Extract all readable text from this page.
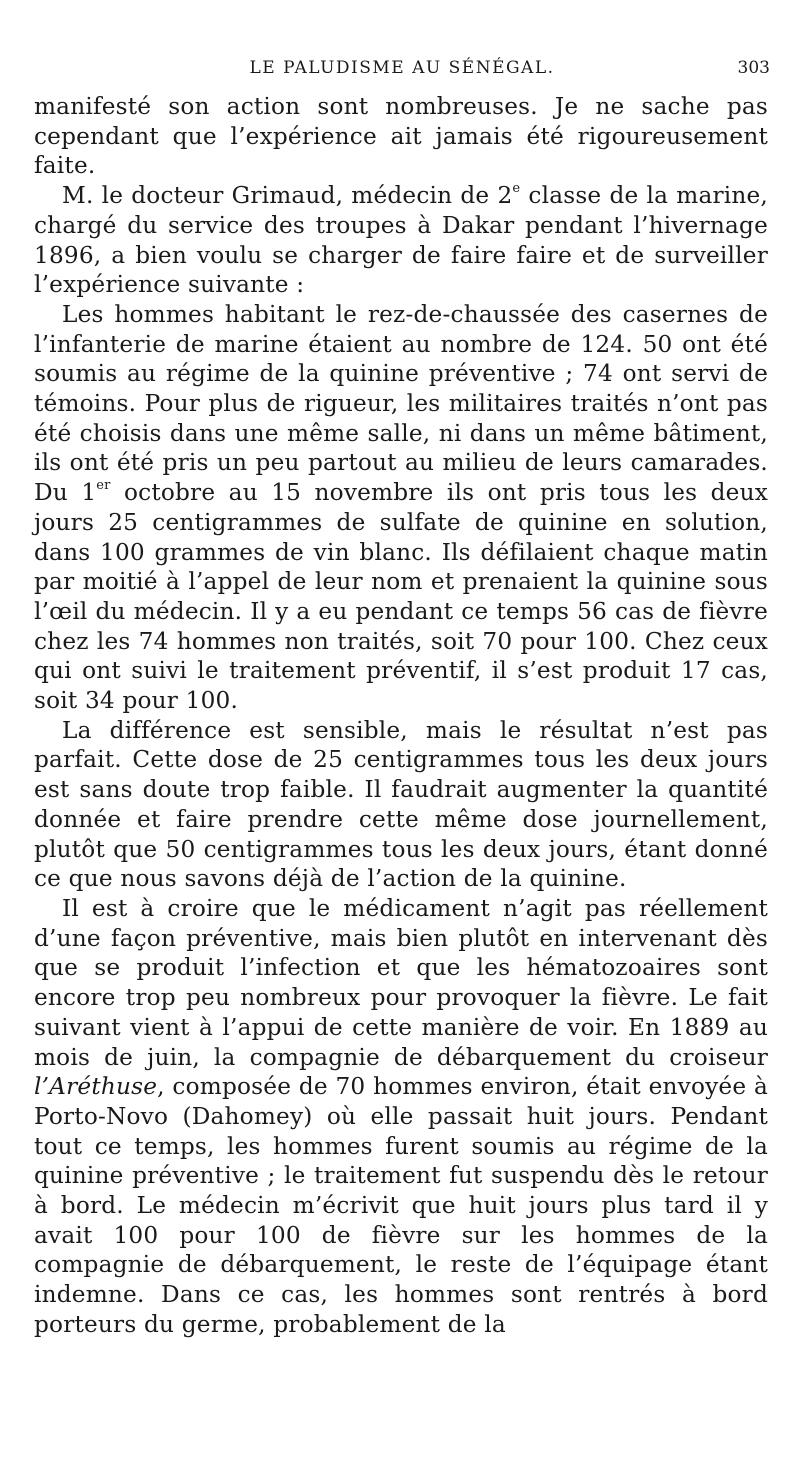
LE PALUDISME AU SÉNÉGAL.	303

manifesté son action sont nombreuses. Je ne sache pas cependant que l’expérience ait jamais été rigoureusement faite.

M. le docteur Grimaud, médecin de 2e classe de la marine, chargé du service des troupes à Dakar pendant l’hivernage 1896, a bien voulu se charger de faire faire et de surveiller l’expérience suivante :

Les hommes habitant le rez-de-chaussée des casernes de l’infanterie de marine étaient au nombre de 124. 50 ont été soumis au régime de la quinine préventive ; 74 ont servi de témoins. Pour plus de rigueur, les militaires traités n’ont pas été choisis dans une même salle, ni dans un même bâtiment, ils ont été pris un peu partout au milieu de leurs camarades. Du 1er octobre au 15 novembre ils ont pris tous les deux jours 25 centigrammes de sulfate de quinine en solution, dans 100 grammes de vin blanc. Ils défilaient chaque matin par moitié à l’appel de leur nom et prenaient la quinine sous l’œil du médecin. Il y a eu pendant ce temps 56 cas de fièvre chez les 74 hommes non traités, soit 70 pour 100. Chez ceux qui ont suivi le traitement préventif, il s’est produit 17 cas, soit 34 pour 100.

La différence est sensible, mais le résultat n’est pas parfait. Cette dose de 25 centigrammes tous les deux jours est sans doute trop faible. Il faudrait augmenter la quantité donnée et faire prendre cette même dose journellement, plutôt que 50 centigrammes tous les deux jours, étant donné ce que nous savons déjà de l’action de la quinine.

Il est à croire que le médicament n’agit pas réellement d’une façon préventive, mais bien plutôt en intervenant dès que se produit l’infection et que les hématozoaires sont encore trop peu nombreux pour provoquer la fièvre. Le fait suivant vient à l’appui de cette manière de voir. En 1889 au mois de juin, la compagnie de débarquement du croiseur l’Aréthuse, composée de 70 hommes environ, était envoyée à Porto-Novo (Dahomey) où elle passait huit jours. Pendant tout ce temps, les hommes furent soumis au régime de la quinine préventive ; le traitement fut suspendu dès le retour à bord. Le médecin m’écrivit que huit jours plus tard il y avait 100 pour 100 de fièvre sur les hommes de la compagnie de débarquement, le reste de l’équipage étant indemne. Dans ce cas, les hommes sont rentrés à bord porteurs du germe, probablement de la
